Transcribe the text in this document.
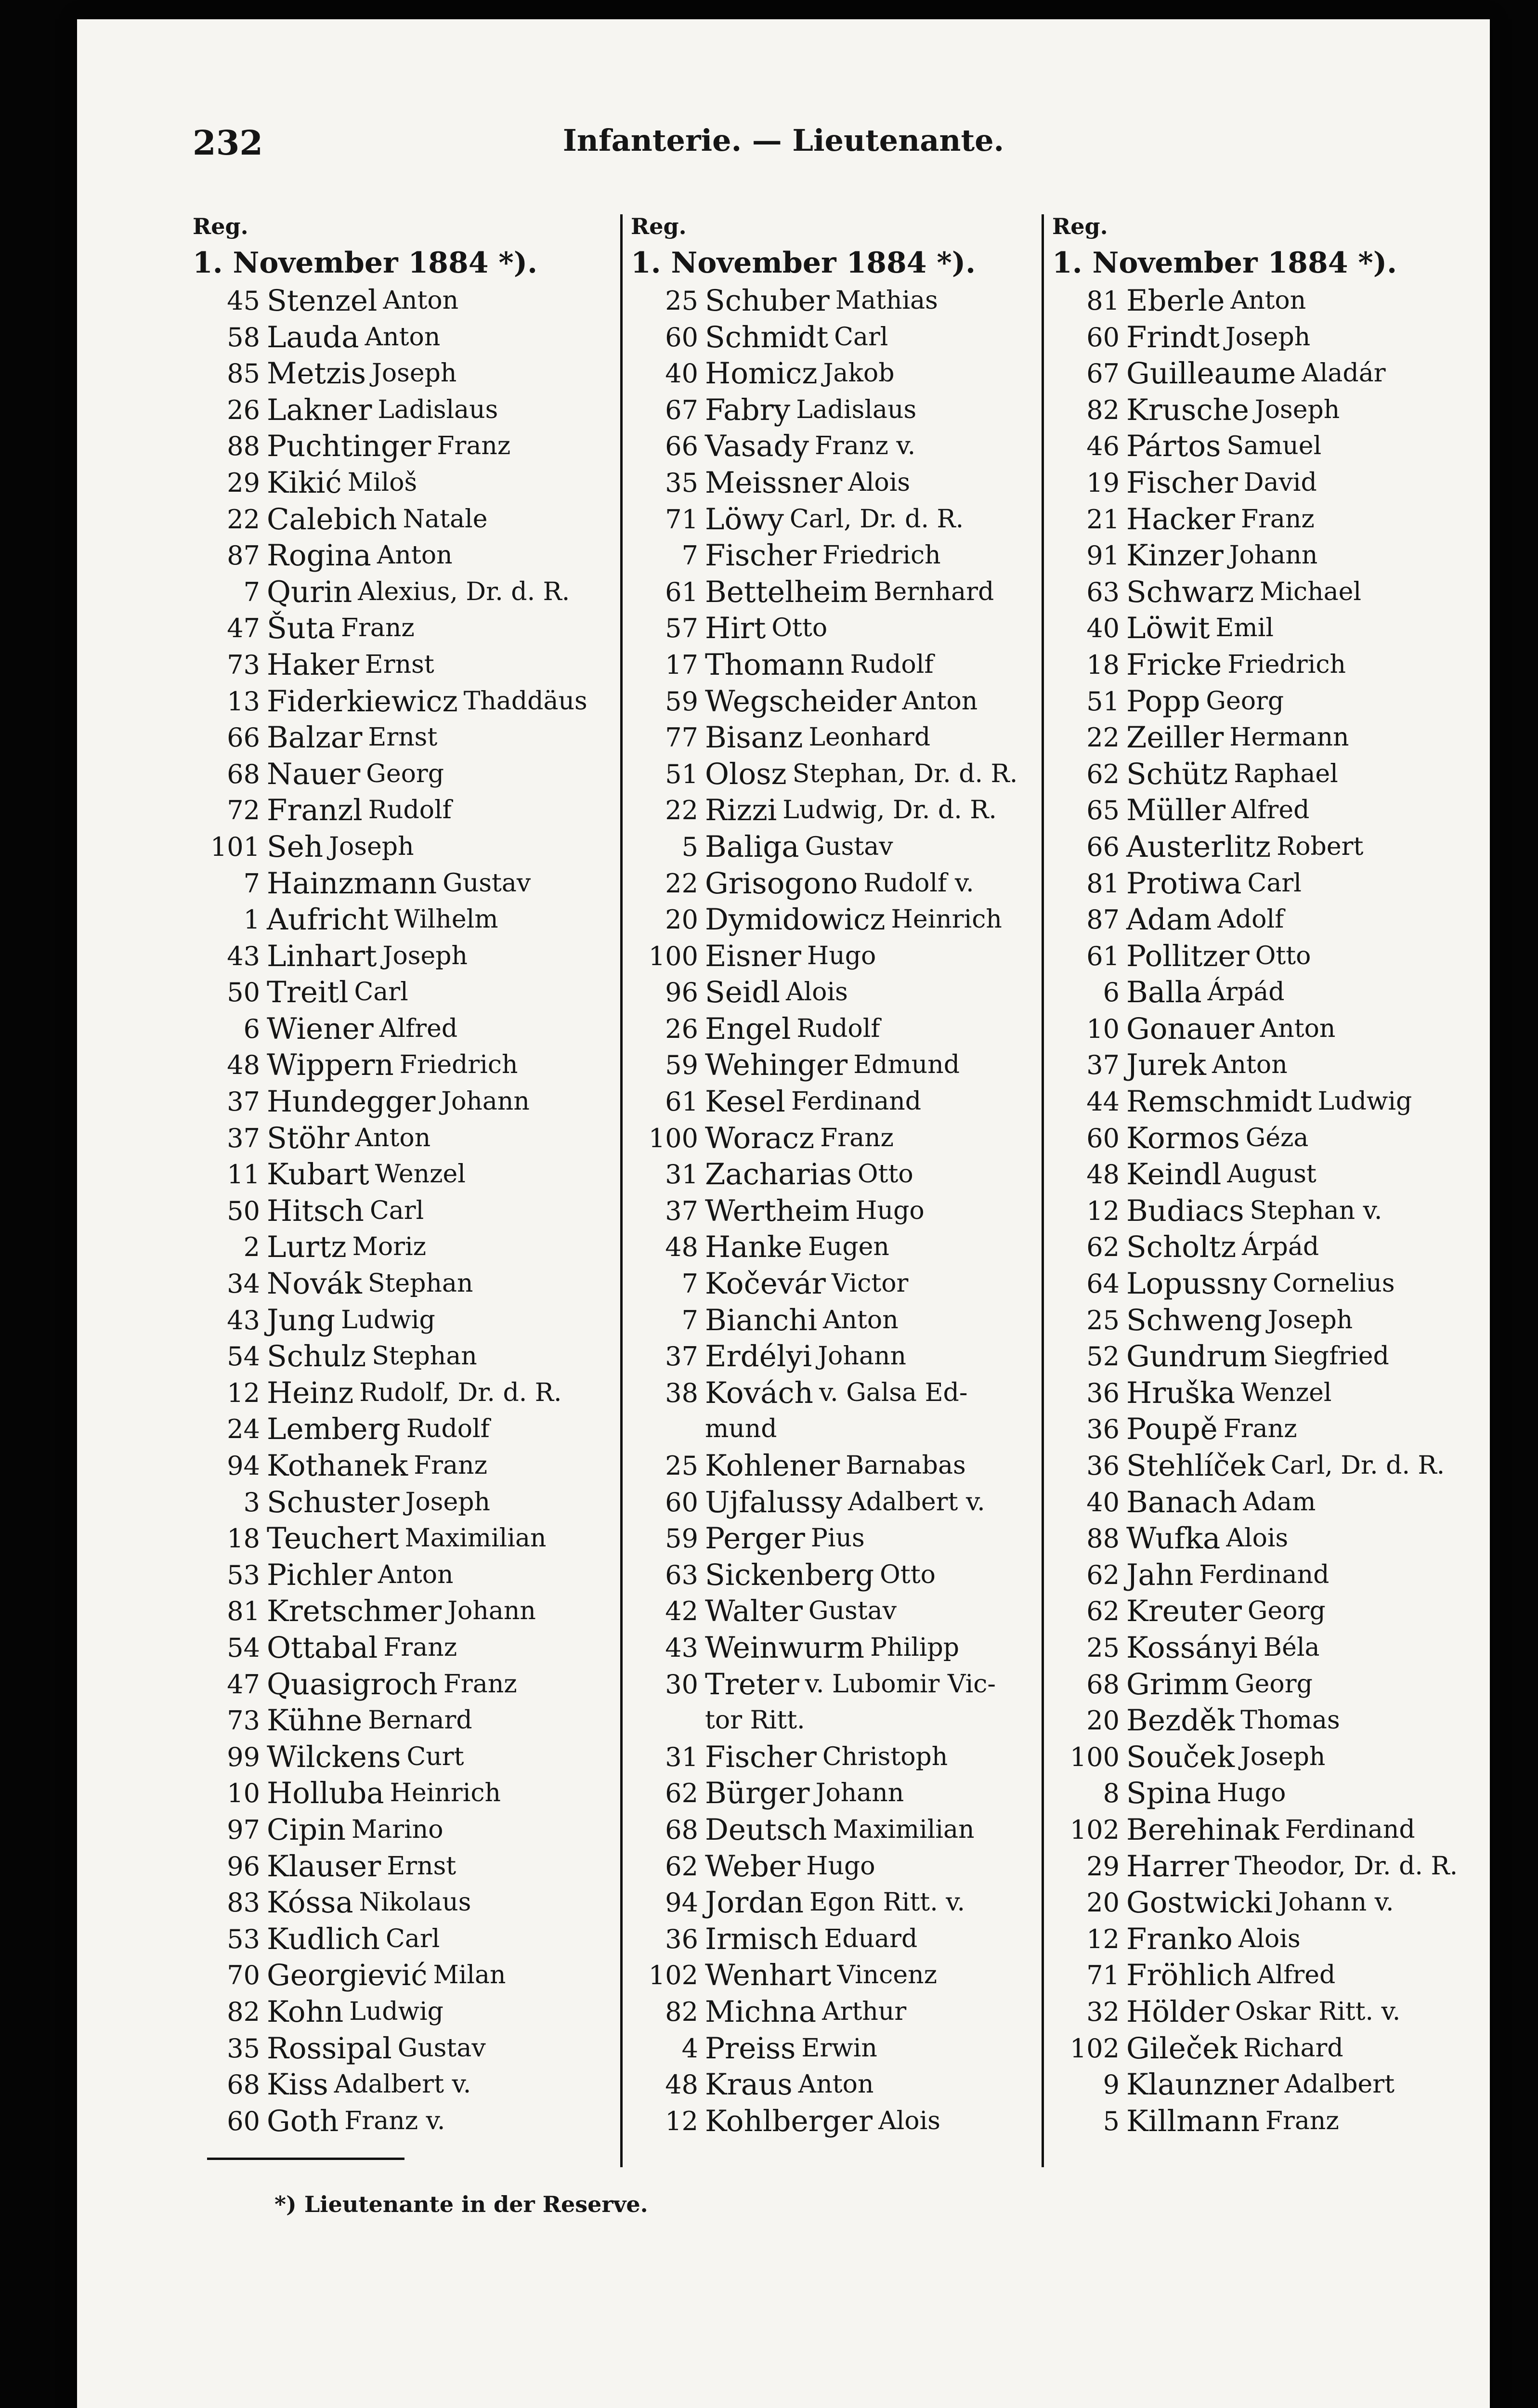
232	Infanterie. — Lieutenante.
Reg.
1. November 1884 *).
45 Stenzel Anton
58 Lauda Anton
85 Metzis Joseph
26 Lakner Ladislaus
88 Puchtinger Franz
29 Kikić Miloš
22 Calebich Natale
87 Rogina Anton
7 Qurin Alexius, Dr. d. R.
47 Šuta Franz
73 Haker Ernst
13 Fiderkiewicz Thaddäus
66 Balzar Ernst
68 Nauer Georg
72 Franzl Rudolf
101 Seh Joseph
7 Hainzmann Gustav
1 Aufricht Wilhelm
43 Linhart Joseph
50 Treitl Carl
6 Wiener Alfred
48 Wippern Friedrich
37 Hundegger Johann
37 Stöhr Anton
11 Kubart Wenzel
50 Hitsch Carl
2 Lurtz Moriz
34 Novák Stephan
43 Jung Ludwig
54 Schulz Stephan
12 Heinz Rudolf, Dr. d. R.
24 Lemberg Rudolf
94 Kothanek Franz
3 Schuster Joseph
18 Teuchert Maximilian
53 Pichler Anton
81 Kretschmer Johann
54 Ottabal Franz
47 Quasigroch Franz
73 Kühne Bernard
99 Wilckens Curt
10 Holluba Heinrich
97 Cipin Marino
96 Klauser Ernst
83 Kóssa Nikolaus
53 Kudlich Carl
70 Georgiević Milan
82 Kohn Ludwig
35 Rossipal Gustav
68 Kiss Adalbert v.
60 Goth Franz v.
Reg.
1. November 1884 *).
25 Schuber Mathias
60 Schmidt Carl
40 Homicz Jakob
67 Fabry Ladislaus
66 Vasady Franz v.
35 Meissner Alois
71 Löwy Carl, Dr. d. R.
7 Fischer Friedrich
61 Bettelheim Bernhard
57 Hirt Otto
17 Thomann Rudolf
59 Wegscheider Anton
77 Bisanz Leonhard
51 Olosz Stephan, Dr. d. R.
22 Rizzi Ludwig, Dr. d. R.
5 Baliga Gustav
22 Grisogono Rudolf v.
20 Dymidowicz Heinrich
100 Eisner Hugo
96 Seidl Alois
26 Engel Rudolf
59 Wehinger Edmund
61 Kesel Ferdinand
100 Woracz Franz
31 Zacharias Otto
37 Wertheim Hugo
48 Hanke Eugen
7 Kočevár Victor
7 Bianchi Anton
37 Erdélyi Johann
38 Kovách v. Galsa Ed-
mund
25 Kohlener Barnabas
60 Ujfalussy Adalbert v.
59 Perger Pius
63 Sickenberg Otto
42 Walter Gustav
43 Weinwurm Philipp
30 Treter v. Lubomir Vic-
tor Ritt.
31 Fischer Christoph
62 Bürger Johann
68 Deutsch Maximilian
62 Weber Hugo
94 Jordan Egon Ritt. v.
36 Irmisch Eduard
102 Wenhart Vincenz
82 Michna Arthur
4 Preiss Erwin
48 Kraus Anton
12 Kohlberger Alois
Reg.
1. November 1884 *).
81 Eberle Anton
60 Frindt Joseph
67 Guilleaume Aladár
82 Krusche Joseph
46 Pártos Samuel
19 Fischer David
21 Hacker Franz
91 Kinzer Johann
63 Schwarz Michael
40 Löwit Emil
18 Fricke Friedrich
51 Popp Georg
22 Zeiller Hermann
62 Schütz Raphael
65 Müller Alfred
66 Austerlitz Robert
81 Protiwa Carl
87 Adam Adolf
61 Pollitzer Otto
6 Balla Árpád
10 Gonauer Anton
37 Jurek Anton
44 Remschmidt Ludwig
60 Kormos Géza
48 Keindl August
12 Budiacs Stephan v.
62 Scholtz Árpád
64 Lopussny Cornelius
25 Schweng Joseph
52 Gundrum Siegfried
36 Hruška Wenzel
36 Poupě Franz
36 Stehlíček Carl, Dr. d. R.
40 Banach Adam
88 Wufka Alois
62 Jahn Ferdinand
62 Kreuter Georg
25 Kossányi Béla
68 Grimm Georg
20 Bezděk Thomas
100 Souček Joseph
8 Spina Hugo
102 Berehinak Ferdinand
29 Harrer Theodor, Dr. d. R.
20 Gostwicki Johann v.
12 Franko Alois
71 Fröhlich Alfred
32 Hölder Oskar Ritt. v.
102 Gileček Richard
9 Klaunzner Adalbert
5 Killmann Franz
*) Lieutenante in der Reserve.
